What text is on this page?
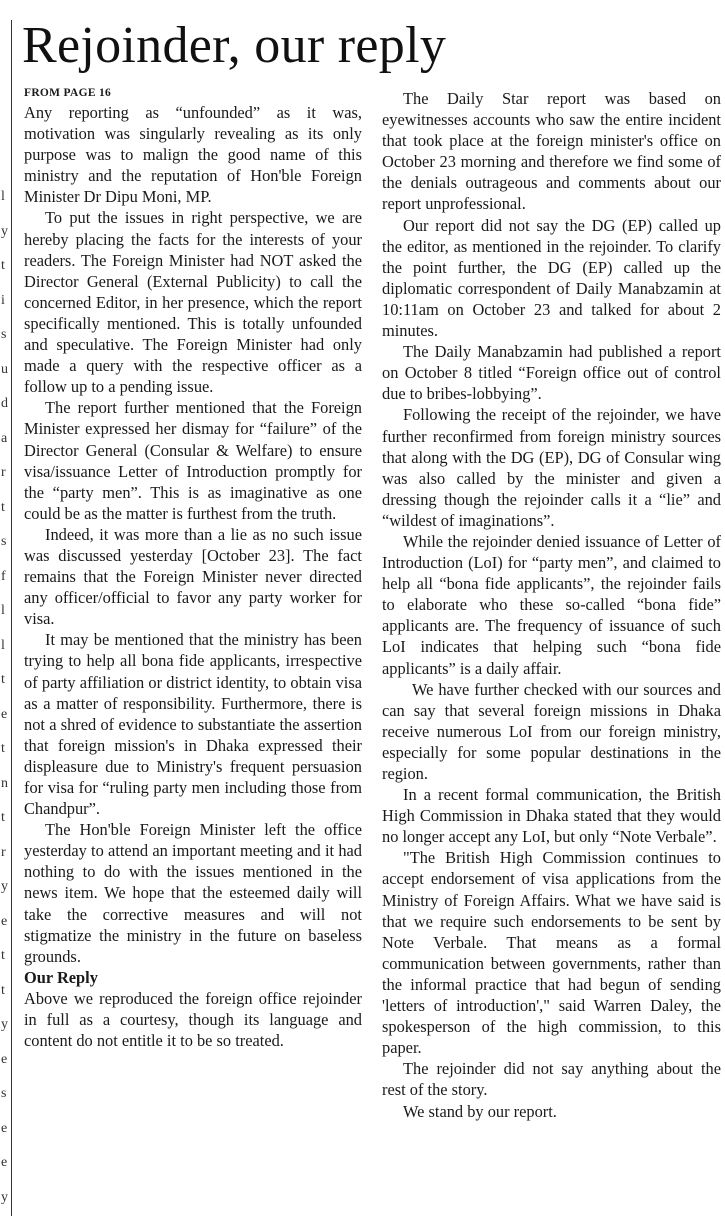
l
y
t
i
s
u
d
a
r
t
s
f
l
l
t
e
t
n
t
r
y
e
t
t
y
e
s
e
e
y
Rejoinder, our reply
FROM PAGE 16

Any reporting as “unfounded” as it was, motivation was singularly revealing as its only purpose was to malign the good name of this ministry and the reputation of Hon'ble Foreign Minister Dr Dipu Moni, MP.

To put the issues in right perspective, we are hereby placing the facts for the interests of your readers. The Foreign Minister had NOT asked the Director General (External Publicity) to call the concerned Editor, in her presence, which the report specifically mentioned. This is totally unfounded and speculative. The Foreign Minister had only made a query with the respective officer as a follow up to a pending issue.

The report further mentioned that the Foreign Minister expressed her dismay for “failure” of the Director General (Consular & Welfare) to ensure visa/issuance Letter of Introduction promptly for the “party men”. This is as imaginative as one could be as the matter is furthest from the truth.

Indeed, it was more than a lie as no such issue was discussed yesterday [October 23]. The fact remains that the Foreign Minister never directed any officer/official to favor any party worker for visa.

It may be mentioned that the ministry has been trying to help all bona fide applicants, irrespective of party affiliation or district identity, to obtain visa as a matter of responsibility. Furthermore, there is not a shred of evidence to substantiate the assertion that foreign mission's in Dhaka expressed their displeasure due to Ministry's frequent persuasion for visa for “ruling party men including those from Chandpur”.

The Hon'ble Foreign Minister left the office yesterday to attend an important meeting and it had nothing to do with the issues mentioned in the news item. We hope that the esteemed daily will take the corrective measures and will not stigmatize the ministry in the future on baseless grounds.

Our Reply

Above we reproduced the foreign office rejoinder in full as a courtesy, though its language and content do not entitle it to be so treated.

The Daily Star report was based on eyewitnesses accounts who saw the entire incident that took place at the foreign minister's office on October 23 morning and therefore we find some of the denials outrageous and comments about our report unprofessional.

Our report did not say the DG (EP) called up the editor, as mentioned in the rejoinder. To clarify the point further, the DG (EP) called up the diplomatic correspondent of Daily Manabzamin at 10:11am on October 23 and talked for about 2 minutes.

The Daily Manabzamin had published a report on October 8 titled “Foreign office out of control due to bribes-lobbying”.

Following the receipt of the rejoinder, we have further reconfirmed from foreign ministry sources that along with the DG (EP), DG of Consular wing was also called by the minister and given a dressing though the rejoinder calls it a “lie” and “wildest of imaginations”.

While the rejoinder denied issuance of Letter of Introduction (LoI) for “party men”, and claimed to help all “bona fide applicants”, the rejoinder fails to elaborate who these so-called “bona fide” applicants are. The frequency of issuance of such LoI indicates that helping such “bona fide applicants” is a daily affair.

We have further checked with our sources and can say that several foreign missions in Dhaka receive numerous LoI from our foreign ministry, especially for some popular destinations in the region.

In a recent formal communication, the British High Commission in Dhaka stated that they would no longer accept any LoI, but only “Note Verbale”.

"The British High Commission continues to accept endorsement of visa applications from the Ministry of Foreign Affairs. What we have said is that we require such endorsements to be sent by Note Verbale. That means as a formal communication between governments, rather than the informal practice that had begun of sending 'letters of introduction'," said Warren Daley, the spokesperson of the high commission, to this paper.

The rejoinder did not say anything about the rest of the story.

We stand by our report.
